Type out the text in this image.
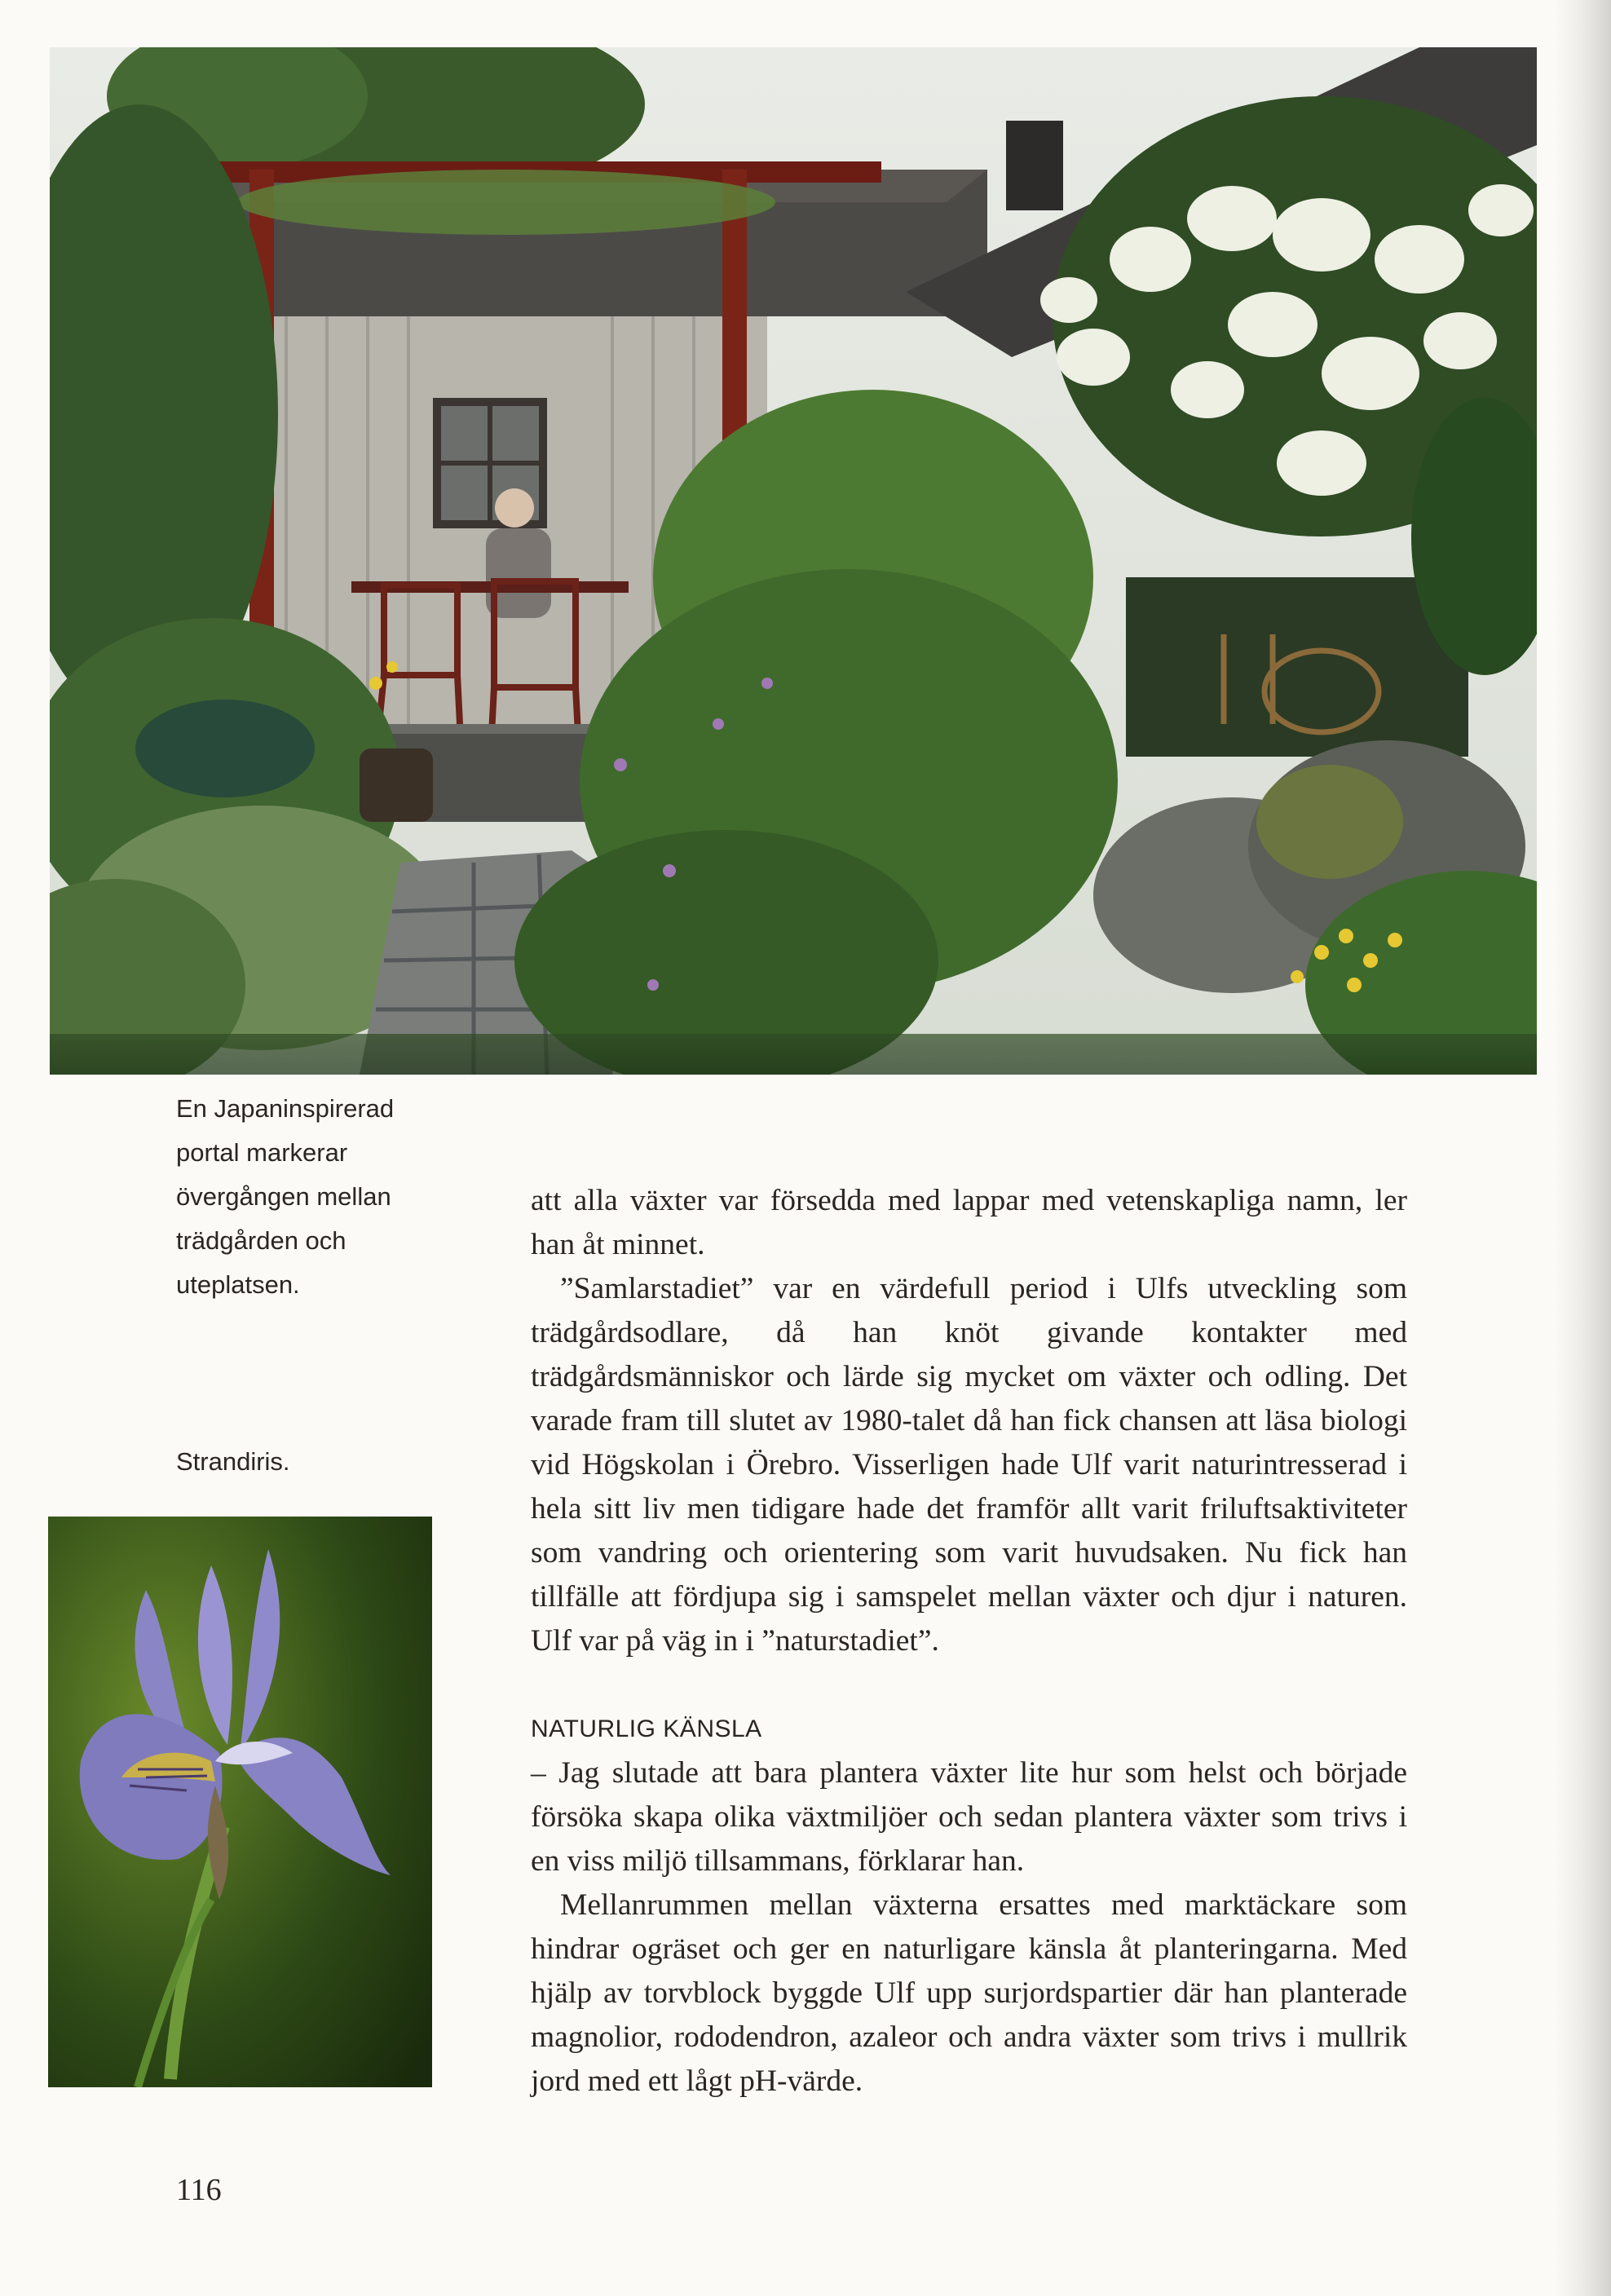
En Japaninspirerad portal markerar övergången mellan trädgården och uteplatsen.
Strandiris.

att alla växter var försedda med lappar med vetenskapliga namn, ler han åt minnet.

”Samlarstadiet” var en värdefull period i Ulfs utveckling som trädgårdsodlare, då han knöt givande kontakter med trädgårdsmänniskor och lärde sig mycket om växter och odling. Det varade fram till slutet av 1980-talet då han fick chansen att läsa biologi vid Högskolan i Örebro. Visserligen hade Ulf varit naturintresserad i hela sitt liv men tidigare hade det framför allt varit friluftsaktiviteter som vandring och orientering som varit huvudsaken. Nu fick han tillfälle att fördjupa sig i samspelet mellan växter och djur i naturen. Ulf var på väg in i ”naturstadiet”.

NATURLIG KÄNSLA

– Jag slutade att bara plantera växter lite hur som helst och började försöka skapa olika växtmiljöer och sedan plantera växter som trivs i en viss miljö tillsammans, förklarar han.

Mellanrummen mellan växterna ersattes med marktäckare som hindrar ogräset och ger en naturligare känsla åt planteringarna. Med hjälp av torvblock byggde Ulf upp surjordspartier där han planterade magnolior, rododendron, azaleor och andra växter som trivs i mullrik jord med ett lågt pH-värde.

116
